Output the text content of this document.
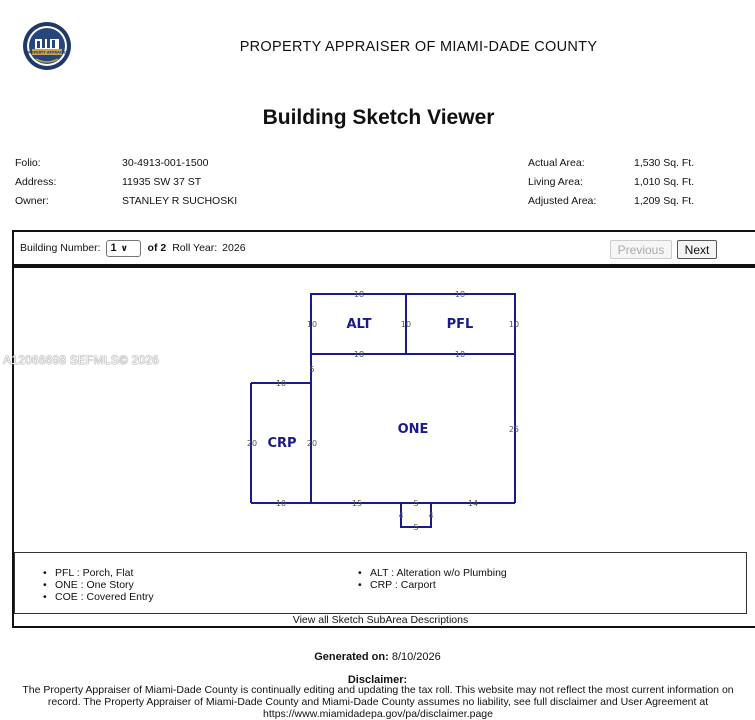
PROPERTY APPRAISER	PROPERTY APPRAISER OF MIAMI-DADE COUNTY
Building Sketch Viewer
Folio:	30-4913-001-1500
Address:	11935 SW 37 ST
Owner:	STANLEY R SUCHOSKI
Actual Area:	1,530 Sq. Ft.
Living Area:	1,010 Sq. Ft.
Adjusted Area:	1,209 Sq. Ft.
Building Number: 1 ∨ of 2 Roll Year: 2026	Previous	Next
ALT	PFL
CRP
ONE
18	18
10	10	10
18	18
5
10
20	20
25
10	15	5	14
4	4
5
A12066698 SEFMLS© 2026
• PFL : Porch, Flat
• ONE : One Story
• COE : Covered Entry
• ALT : Alteration w/o Plumbing
• CRP : Carport
View all Sketch SubArea Descriptions
Generated on: 8/10/2026
Disclaimer:
The Property Appraiser of Miami-Dade County is continually editing and updating the tax roll. This website may not reflect the most current information on record. The Property Appraiser of Miami-Dade County and Miami-Dade County assumes no liability, see full disclaimer and User Agreement at https://www.miamidadepa.gov/pa/disclaimer.page
